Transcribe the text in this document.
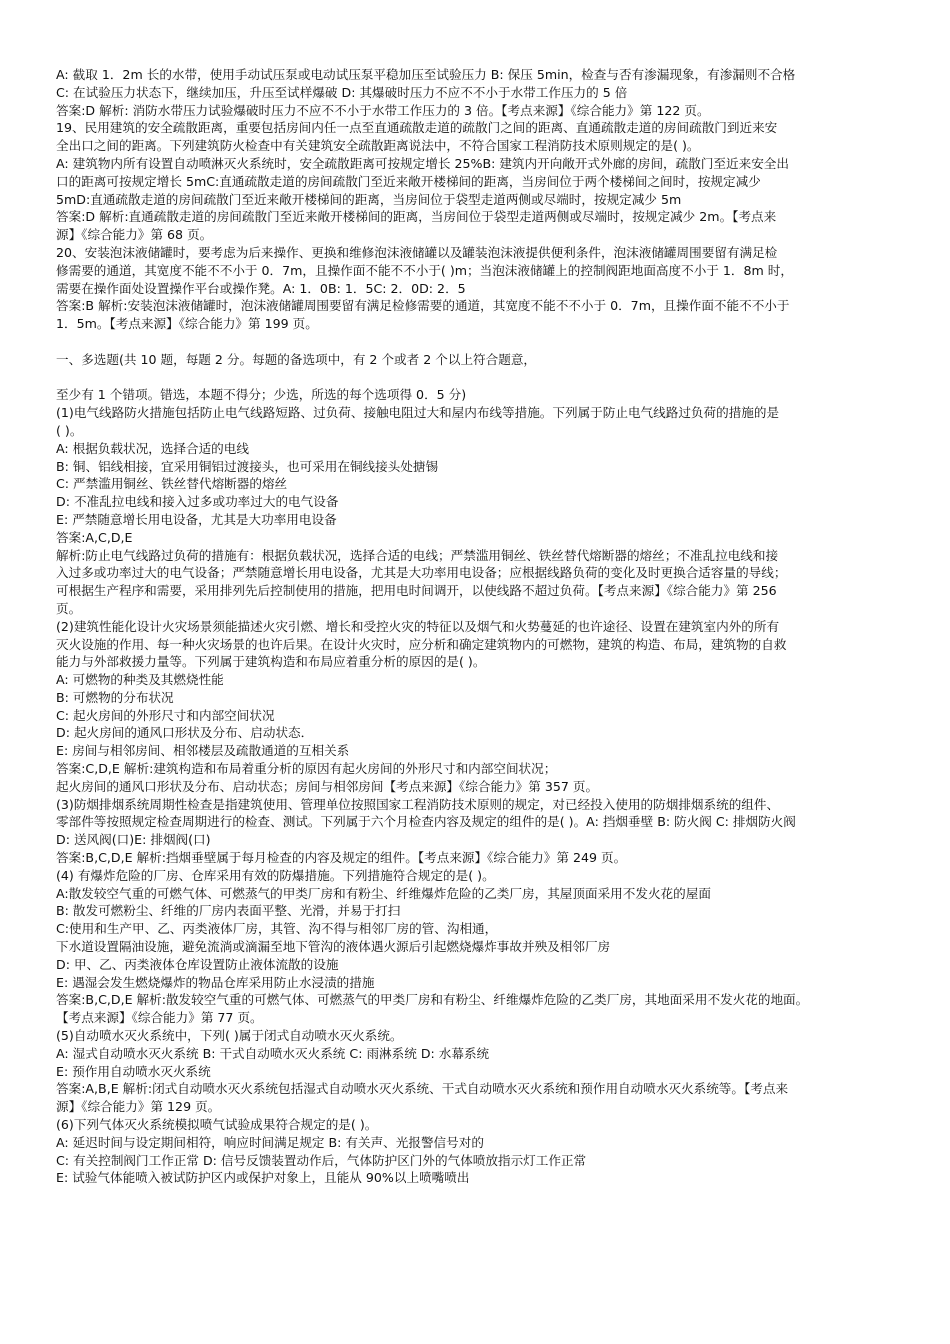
A: 截取 1．2m 长的水带，使用手动试压泵或电动试压泵平稳加压至试验压力 B: 保压 5min，检查与否有渗漏现象，有渗漏则不合格
C: 在试验压力状态下，继续加压，升压至试样爆破 D: 其爆破时压力不应不不小于水带工作压力的 5 倍
答案:D 解析: 消防水带压力试验爆破时压力不应不不小于水带工作压力的 3 倍。【考点来源】《综合能力》第 122 页。
19、民用建筑的安全疏散距离，重要包括房间内任一点至直通疏散走道的疏散门之间的距离、直通疏散走道的房间疏散门到近来安
全出口之间的距离。下列建筑防火检查中有关建筑安全疏散距离说法中，不符合国家工程消防技术原则规定的是( )。
A: 建筑物内所有设置自动喷淋灭火系统时，安全疏散距离可按规定增长 25%B: 建筑内开向敞开式外廊的房间，疏散门至近来安全出
口的距离可按规定增长 5mC:直通疏散走道的房间疏散门至近来敞开楼梯间的距离，当房间位于两个楼梯间之间时，按规定减少
5mD:直通疏散走道的房间疏散门至近来敞开楼梯间的距离，当房间位于袋型走道两侧或尽端时，按规定减少 5m
答案:D 解析:直通疏散走道的房间疏散门至近来敞开楼梯间的距离，当房间位于袋型走道两侧或尽端时，按规定减少 2m。【考点来
源】《综合能力》第 68 页。
20、安装泡沫液储罐时，要考虑为后来操作、更换和维修泡沫液储罐以及罐装泡沫液提供便利条件，泡沫液储罐周围要留有满足检
修需要的通道，其宽度不能不不小于 0．7m，且操作面不能不不小于( )m；当泡沫液储罐上的控制阀距地面高度不小于 1．8m 时，
需要在操作面处设置操作平台或操作凳。A: 1．0B: 1．5C: 2．0D: 2．5
答案:B 解析:安装泡沫液储罐时，泡沫液储罐周围要留有满足检修需要的通道，其宽度不能不不小于 0．7m，且操作面不能不不小于
1．5m。【考点来源】《综合能力》第 199 页。
一、多选题(共 10 题，每题 2 分。每题的备选项中，有 2 个或者 2 个以上符合题意，
至少有 1 个错项。错选，本题不得分；少选，所选的每个选项得 0．5 分)
(1)电气线路防火措施包括防止电气线路短路、过负荷、接触电阻过大和屋内布线等措施。下列属于防止电气线路过负荷的措施的是
( )。
A: 根据负载状况，选择合适的电线
B: 铜、铝线相接，宜采用铜铝过渡接头，也可采用在铜线接头处搪锡
C: 严禁滥用铜丝、铁丝替代熔断器的熔丝
D: 不准乱拉电线和接入过多或功率过大的电气设备
E: 严禁随意增长用电设备，尤其是大功率用电设备
答案:A,C,D,E
解析:防止电气线路过负荷的措施有：根据负载状况，选择合适的电线；严禁滥用铜丝、铁丝替代熔断器的熔丝；不准乱拉电线和接
入过多或功率过大的电气设备；严禁随意增长用电设备，尤其是大功率用电设备；应根据线路负荷的变化及时更换合适容量的导线；
可根据生产程序和需要，采用排列先后控制使用的措施，把用电时间调开，以使线路不超过负荷。【考点来源】《综合能力》第 256
页。
(2)建筑性能化设计火灾场景须能描述火灾引燃、增长和受控火灾的特征以及烟气和火势蔓延的也许途径、设置在建筑室内外的所有
灭火设施的作用、每一种火灾场景的也许后果。在设计火灾时，应分析和确定建筑物内的可燃物，建筑的构造、布局，建筑物的自救
能力与外部救援力量等。下列属于建筑构造和布局应着重分析的原因的是( )。
A: 可燃物的种类及其燃烧性能
B: 可燃物的分布状况
C: 起火房间的外形尺寸和内部空间状况
D: 起火房间的通风口形状及分布、启动状态．
E: 房间与相邻房间、相邻楼层及疏散通道的互相关系
答案:C,D,E 解析:建筑构造和布局着重分析的原因有起火房间的外形尺寸和内部空间状况；
起火房间的通风口形状及分布、启动状态；房间与相邻房间【考点来源】《综合能力》第 357 页。
(3)防烟排烟系统周期性检查是指建筑使用、管理单位按照国家工程消防技术原则的规定，对已经投入使用的防烟排烟系统的组件、
零部件等按照规定检查周期进行的检查、测试。下列属于六个月检查内容及规定的组件的是( )。A: 挡烟垂壁 B: 防火阀 C: 排烟防火阀
D: 送风阀(口)E: 排烟阀(口)
答案:B,C,D,E 解析:挡烟垂壁属于每月检查的内容及规定的组件。【考点来源】《综合能力》第 249 页。
(4) 有爆炸危险的厂房、仓库采用有效的防爆措施。下列措施符合规定的是( )。
A:散发较空气重的可燃气体、可燃蒸气的甲类厂房和有粉尘、纤维爆炸危险的乙类厂房，其屋顶面采用不发火花的屋面
B: 散发可燃粉尘、纤维的厂房内表面平整、光滑，并易于打扫
C:使用和生产甲、乙、丙类液体厂房，其管、沟不得与相邻厂房的管、沟相通，
下水道设置隔油设施，避免流淌或滴漏至地下管沟的液体遇火源后引起燃烧爆炸事故并殃及相邻厂房
D: 甲、乙、丙类液体仓库设置防止液体流散的设施
E: 遇湿会发生燃烧爆炸的物品仓库采用防止水浸渍的措施
答案:B,C,D,E 解析:散发较空气重的可燃气体、可燃蒸气的甲类厂房和有粉尘、纤维爆炸危险的乙类厂房，其地面采用不发火花的地面。
【考点来源】《综合能力》第 77 页。
(5)自动喷水灭火系统中，下列( )属于闭式自动喷水灭火系统。
A: 湿式自动喷水灭火系统 B: 干式自动喷水灭火系统 C: 雨淋系统 D: 水幕系统
E: 预作用自动喷水灭火系统
答案:A,B,E 解析:闭式自动喷水灭火系统包括湿式自动喷水灭火系统、干式自动喷水灭火系统和预作用自动喷水灭火系统等。【考点来
源】《综合能力》第 129 页。
(6)下列气体灭火系统模拟喷气试验成果符合规定的是( )。
A: 延迟时间与设定期间相符，响应时间满足规定 B: 有关声、光报警信号对的
C: 有关控制阀门工作正常 D: 信号反馈装置动作后，气体防护区门外的气体喷放指示灯工作正常
E: 试验气体能喷入被试防护区内或保护对象上，且能从 90%以上喷嘴喷出
